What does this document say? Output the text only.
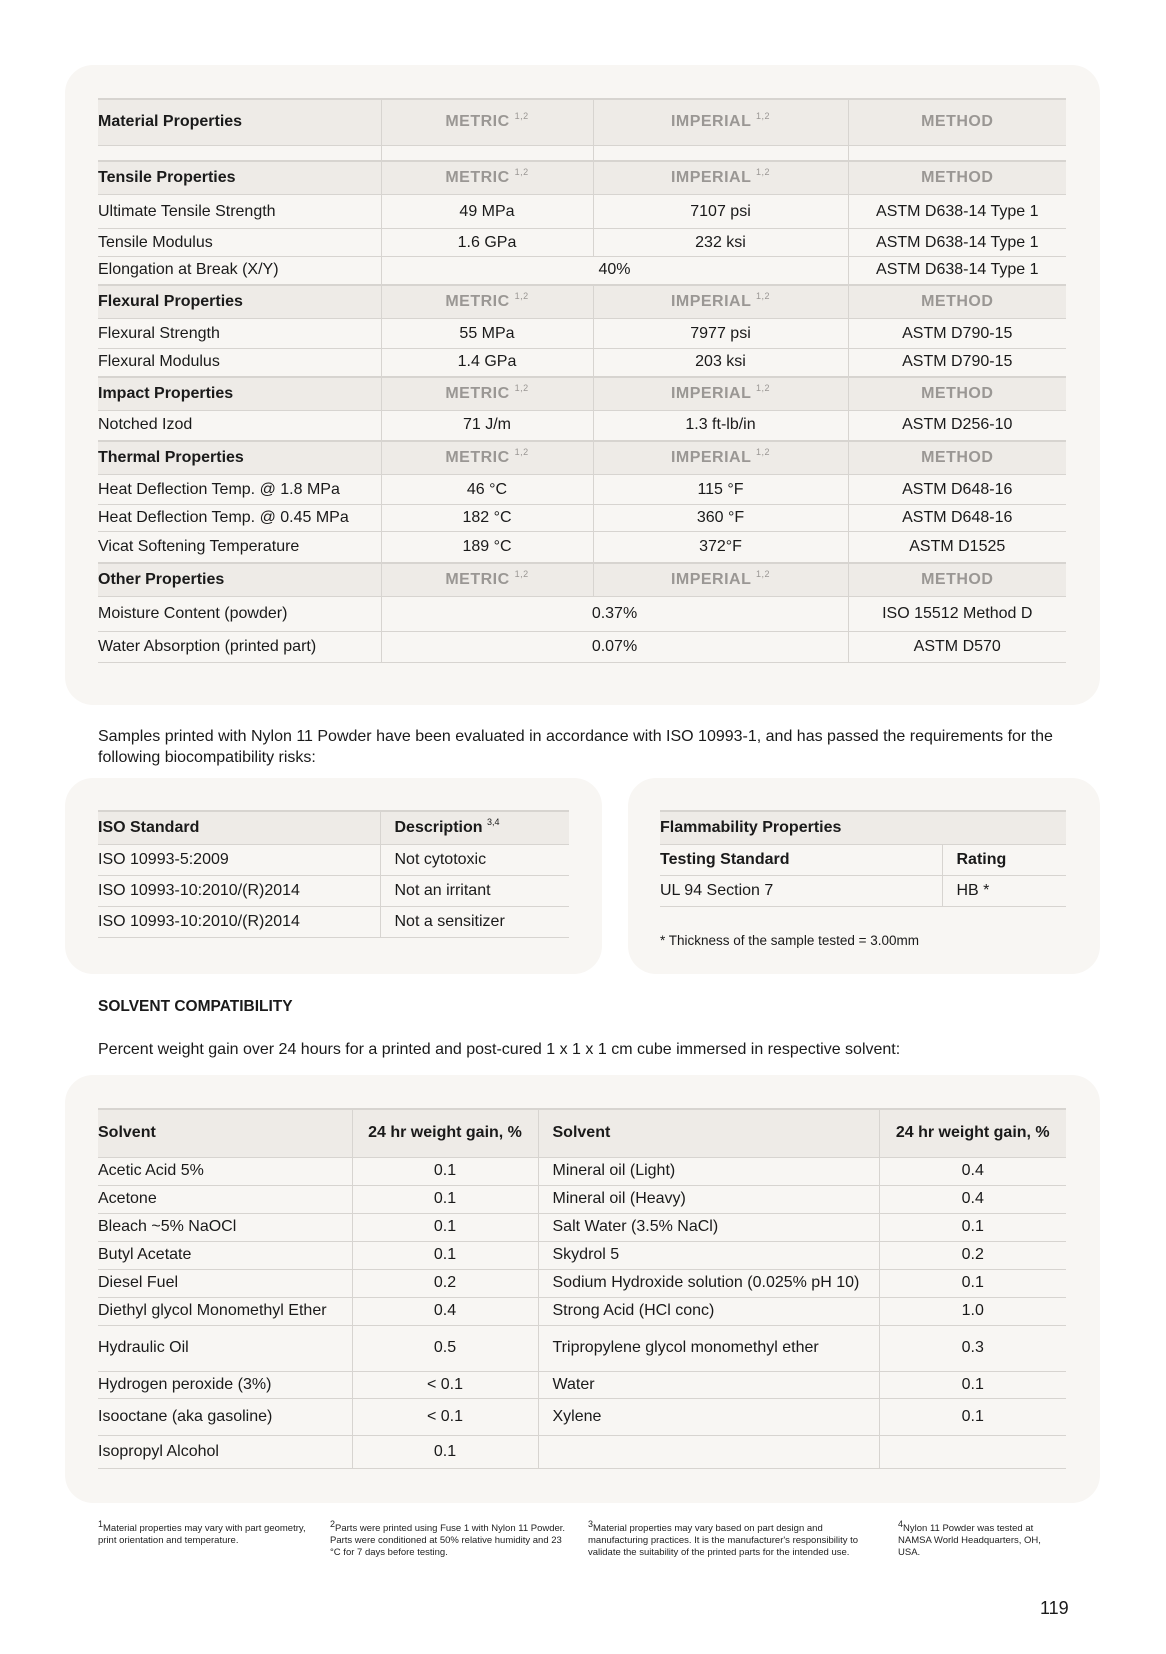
Material Properties	METRIC $^{1,2}$	IMPERIAL $^{1,2}$	METHOD

Tensile Properties	METRIC $^{1,2}$	IMPERIAL $^{1,2}$	METHOD
Ultimate Tensile Strength	49 MPa	7107 psi	ASTM D638-14 Type 1
Tensile Modulus	1.6 GPa	232 ksi	ASTM D638-14 Type 1
Elongation at Break (X/Y)	40%		ASTM D638-14 Type 1
Flexural Properties	METRIC $^{1,2}$	IMPERIAL $^{1,2}$	METHOD
Flexural Strength	55 MPa	7977 psi	ASTM D790-15
Flexural Modulus	1.4 GPa	203 ksi	ASTM D790-15
Impact Properties	METRIC $^{1,2}$	IMPERIAL $^{1,2}$	METHOD
Notched Izod	71 J/m	1.3 ft-lb/in	ASTM D256-10
Thermal Properties	METRIC $^{1,2}$	IMPERIAL $^{1,2}$	METHOD
Heat Deflection Temp. @ 1.8 MPa	46 °C	115 °F	ASTM D648-16
Heat Deflection Temp. @ 0.45 MPa	182 °C	360 °F	ASTM D648-16
Vicat Softening Temperature	189 °C	372°F	ASTM D1525
Other Properties	METRIC $^{1,2}$	IMPERIAL $^{1,2}$	METHOD
Moisture Content (powder)	0.37%		ISO 15512 Method D
Water Absorption (printed part)	0.07%		ASTM D570
Samples printed with Nylon 11 Powder have been evaluated in accordance with ISO 10993-1, and has passed the requirements for the following biocompatibility risks:
ISO Standard	Description $^{3,4}$
ISO 10993-5:2009	Not cytotoxic
ISO 10993-10:2010/(R)2014	Not an irritant
ISO 10993-10:2010/(R)2014	Not a sensitizer
Flammability Properties	
Testing Standard	Rating
UL 94 Section 7	HB *
* Thickness of the sample tested = 3.00mm
SOLVENT COMPATIBILITY
Percent weight gain over 24 hours for a printed and post-cured 1 x 1 x 1 cm cube immersed in respective solvent:
Solvent	24 hr weight gain, %	Solvent	24 hr weight gain, %
Acetic Acid 5%	0.1	Mineral oil (Light)	0.4
Acetone	0.1	Mineral oil (Heavy)	0.4
Bleach ~5% NaOCl	0.1	Salt Water (3.5% NaCl)	0.1
Butyl Acetate	0.1	Skydrol 5	0.2
Diesel Fuel	0.2	Sodium Hydroxide solution (0.025% pH 10)	0.1
Diethyl glycol Monomethyl Ether	0.4	Strong Acid (HCl conc)	1.0
Hydraulic Oil	0.5	Tripropylene glycol monomethyl ether	0.3
Hydrogen peroxide (3%)	< 0.1	Water	0.1
Isooctane (aka gasoline)	< 0.1	Xylene	0.1
Isopropyl Alcohol	0.1		
$^1$Material properties may vary with part geometry, print orientation and temperature.
$^2$Parts were printed using Fuse 1 with Nylon 11 Powder. Parts were conditioned at 50% relative humidity and 23 °C for 7 days before testing.
$^3$Material properties may vary based on part design and manufacturing practices. It is the manufacturer's responsibility to validate the suitability of the printed parts for the intended use.
$^4$Nylon 11 Powder was tested at NAMSA World Headquarters, OH, USA.
119
